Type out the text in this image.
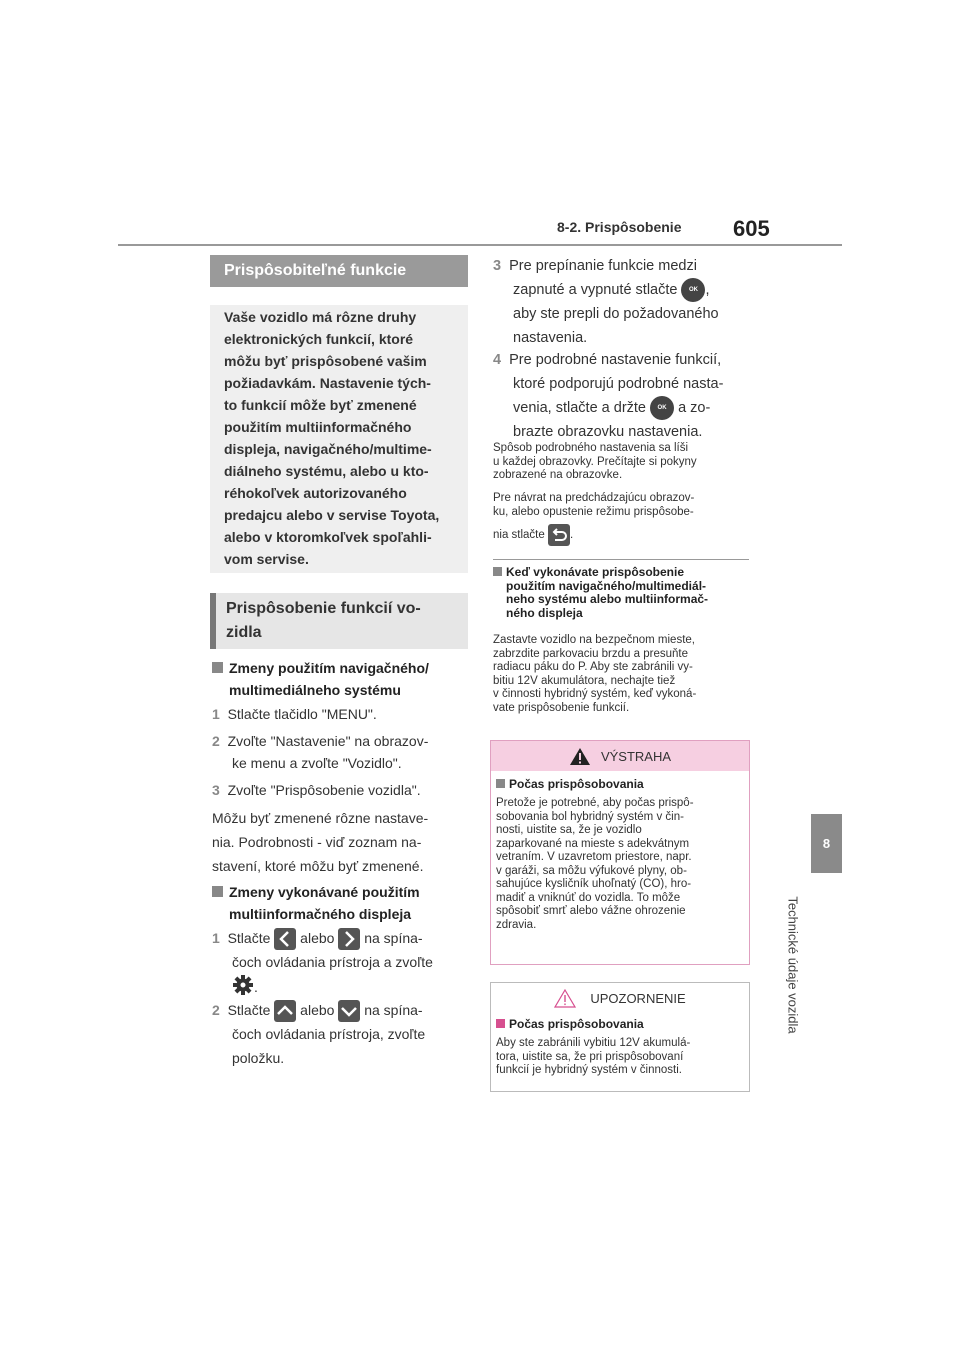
8-2. Prispôsobenie 605
8
Technické údaje vozidla
Prispôsobiteľné funkcie
Vaše vozidlo má rôzne druhy
elektronických funkcií, ktoré
môžu byť prispôsobené vašim
požiadavkám. Nastavenie tých-
to funkcií môže byť zmenené
použitím multiinformačného
displeja, navigačného/multime-
diálneho systému, alebo u kto-
réhokoľvek autorizovaného
predajcu alebo v servise Toyota,
alebo v ktoromkoľvek spoľahli-
vom servise.
Prispôsobenie funkcií vo-
zidla
Zmeny použitím navigačného/
multimediálneho systému
1 Stlačte tlačidlo "MENU".
2 Zvoľte "Nastavenie" na obrazov-
ke menu a zvoľte "Vozidlo".
3 Zvoľte "Prispôsobenie vozidla".
Môžu byť zmenené rôzne nastave-
nia. Podrobnosti - viď zoznam na-
stavení, ktoré môžu byť zmenené.
Zmeny vykonávané použitím
multiinformačného displeja
1 Stlačte alebo na spína-
čoch ovládania prístroja a zvoľte
.
2 Stlačte alebo na spína-
čoch ovládania prístroja, zvoľte
položku.
3 Pre prepínanie funkcie medzi
zapnuté a vypnuté stlačte OK ,
aby ste prepli do požadovaného
nastavenia.
4 Pre podrobné nastavenie funkcií,
ktoré podporujú podrobné nasta-
venia, stlačte a držte OK a zo-
brazte obrazovku nastavenia.
Spôsob podrobného nastavenia sa líši
u každej obrazovky. Prečítajte si pokyny
zobrazené na obrazovke.
Pre návrat na predchádzajúcu obrazov-
ku, alebo opustenie režimu prispôsobe-
nia stlačte .
Keď vykonávate prispôsobenie
použitím navigačného/multimediál-
neho systému alebo multiinformač-
ného displeja
Zastavte vozidlo na bezpečnom mieste,
zabrzdite parkovaciu brzdu a presuňte
radiacu páku do P. Aby ste zabránili vy-
bitiu 12V akumulátora, nechajte tiež
v činnosti hybridný systém, keď vykoná-
vate prispôsobenie funkcií.
VÝSTRAHA
Počas prispôsobovania
Pretože je potrebné, aby počas prispô-
sobovania bol hybridný systém v čin-
nosti, uistite sa, že je vozidlo
zaparkované na mieste s adekvátnym
vetraním. V uzavretom priestore, napr.
v garáži, sa môžu výfukové plyny, ob-
sahujúce kysličník uhoľnatý (CO), hro-
madiť a vniknúť do vozidla. To môže
spôsobiť smrť alebo vážne ohrozenie
zdravia.
UPOZORNENIE
Počas prispôsobovania
Aby ste zabránili vybitiu 12V akumulá-
tora, uistite sa, že pri prispôsobovaní
funkcií je hybridný systém v činnosti.
